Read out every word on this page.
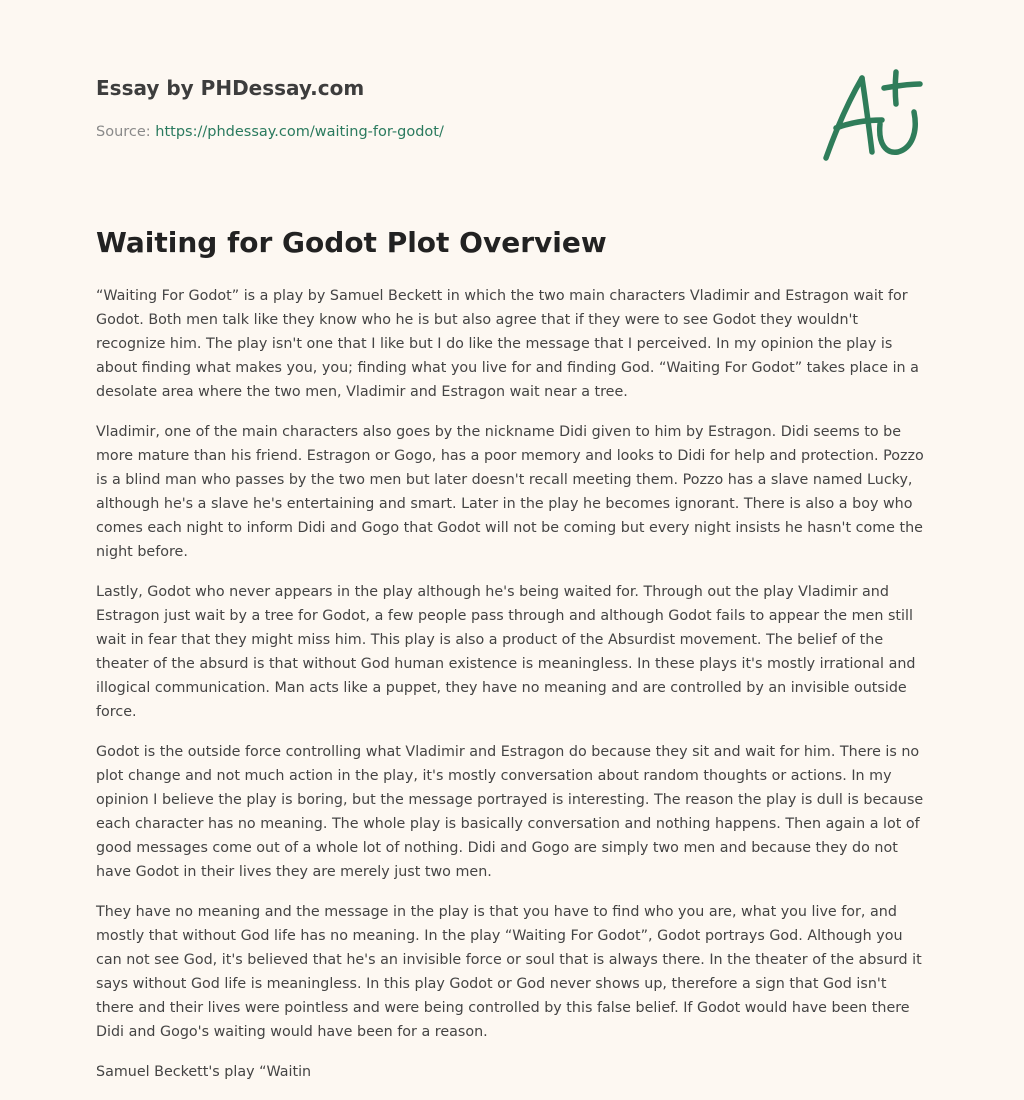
Essay by PHDessay.com
Source: https://phdessay.com/waiting-for-godot/
Waiting for Godot Plot Overview

“Waiting For Godot” is a play by Samuel Beckett in which the two main characters Vladimir and Estragon wait for Godot. Both men talk like they know who he is but also agree that if they were to see Godot they wouldn't recognize him. The play isn't one that I like but I do like the message that I perceived. In my opinion the play is about finding what makes you, you; finding what you live for and finding God. “Waiting For Godot” takes place in a desolate area where the two men, Vladimir and Estragon wait near a tree.

Vladimir, one of the main characters also goes by the nickname Didi given to him by Estragon. Didi seems to be more mature than his friend. Estragon or Gogo, has a poor memory and looks to Didi for help and protection. Pozzo is a blind man who passes by the two men but later doesn't recall meeting them. Pozzo has a slave named Lucky, although he's a slave he's entertaining and smart. Later in the play he becomes ignorant. There is also a boy who comes each night to inform Didi and Gogo that Godot will not be coming but every night insists he hasn't come the night before.

Lastly, Godot who never appears in the play although he's being waited for. Through out the play Vladimir and Estragon just wait by a tree for Godot, a few people pass through and although Godot fails to appear the men still wait in fear that they might miss him. This play is also a product of the Absurdist movement. The belief of the theater of the absurd is that without God human existence is meaningless. In these plays it's mostly irrational and illogical communication. Man acts like a puppet, they have no meaning and are controlled by an invisible outside force.

Godot is the outside force controlling what Vladimir and Estragon do because they sit and wait for him. There is no plot change and not much action in the play, it's mostly conversation about random thoughts or actions. In my opinion I believe the play is boring, but the message portrayed is interesting. The reason the play is dull is because each character has no meaning. The whole play is basically conversation and nothing happens. Then again a lot of good messages come out of a whole lot of nothing. Didi and Gogo are simply two men and because they do not have Godot in their lives they are merely just two men.

They have no meaning and the message in the play is that you have to find who you are, what you live for, and mostly that without God life has no meaning. In the play “Waiting For Godot”, Godot portrays God. Although you can not see God, it's believed that he's an invisible force or soul that is always there. In the theater of the absurd it says without God life is meaningless. In this play Godot or God never shows up, therefore a sign that God isn't there and their lives were pointless and were being controlled by this false belief. If Godot would have been there Didi and Gogo's waiting would have been for a reason.

Samuel Beckett's play “Waitin
